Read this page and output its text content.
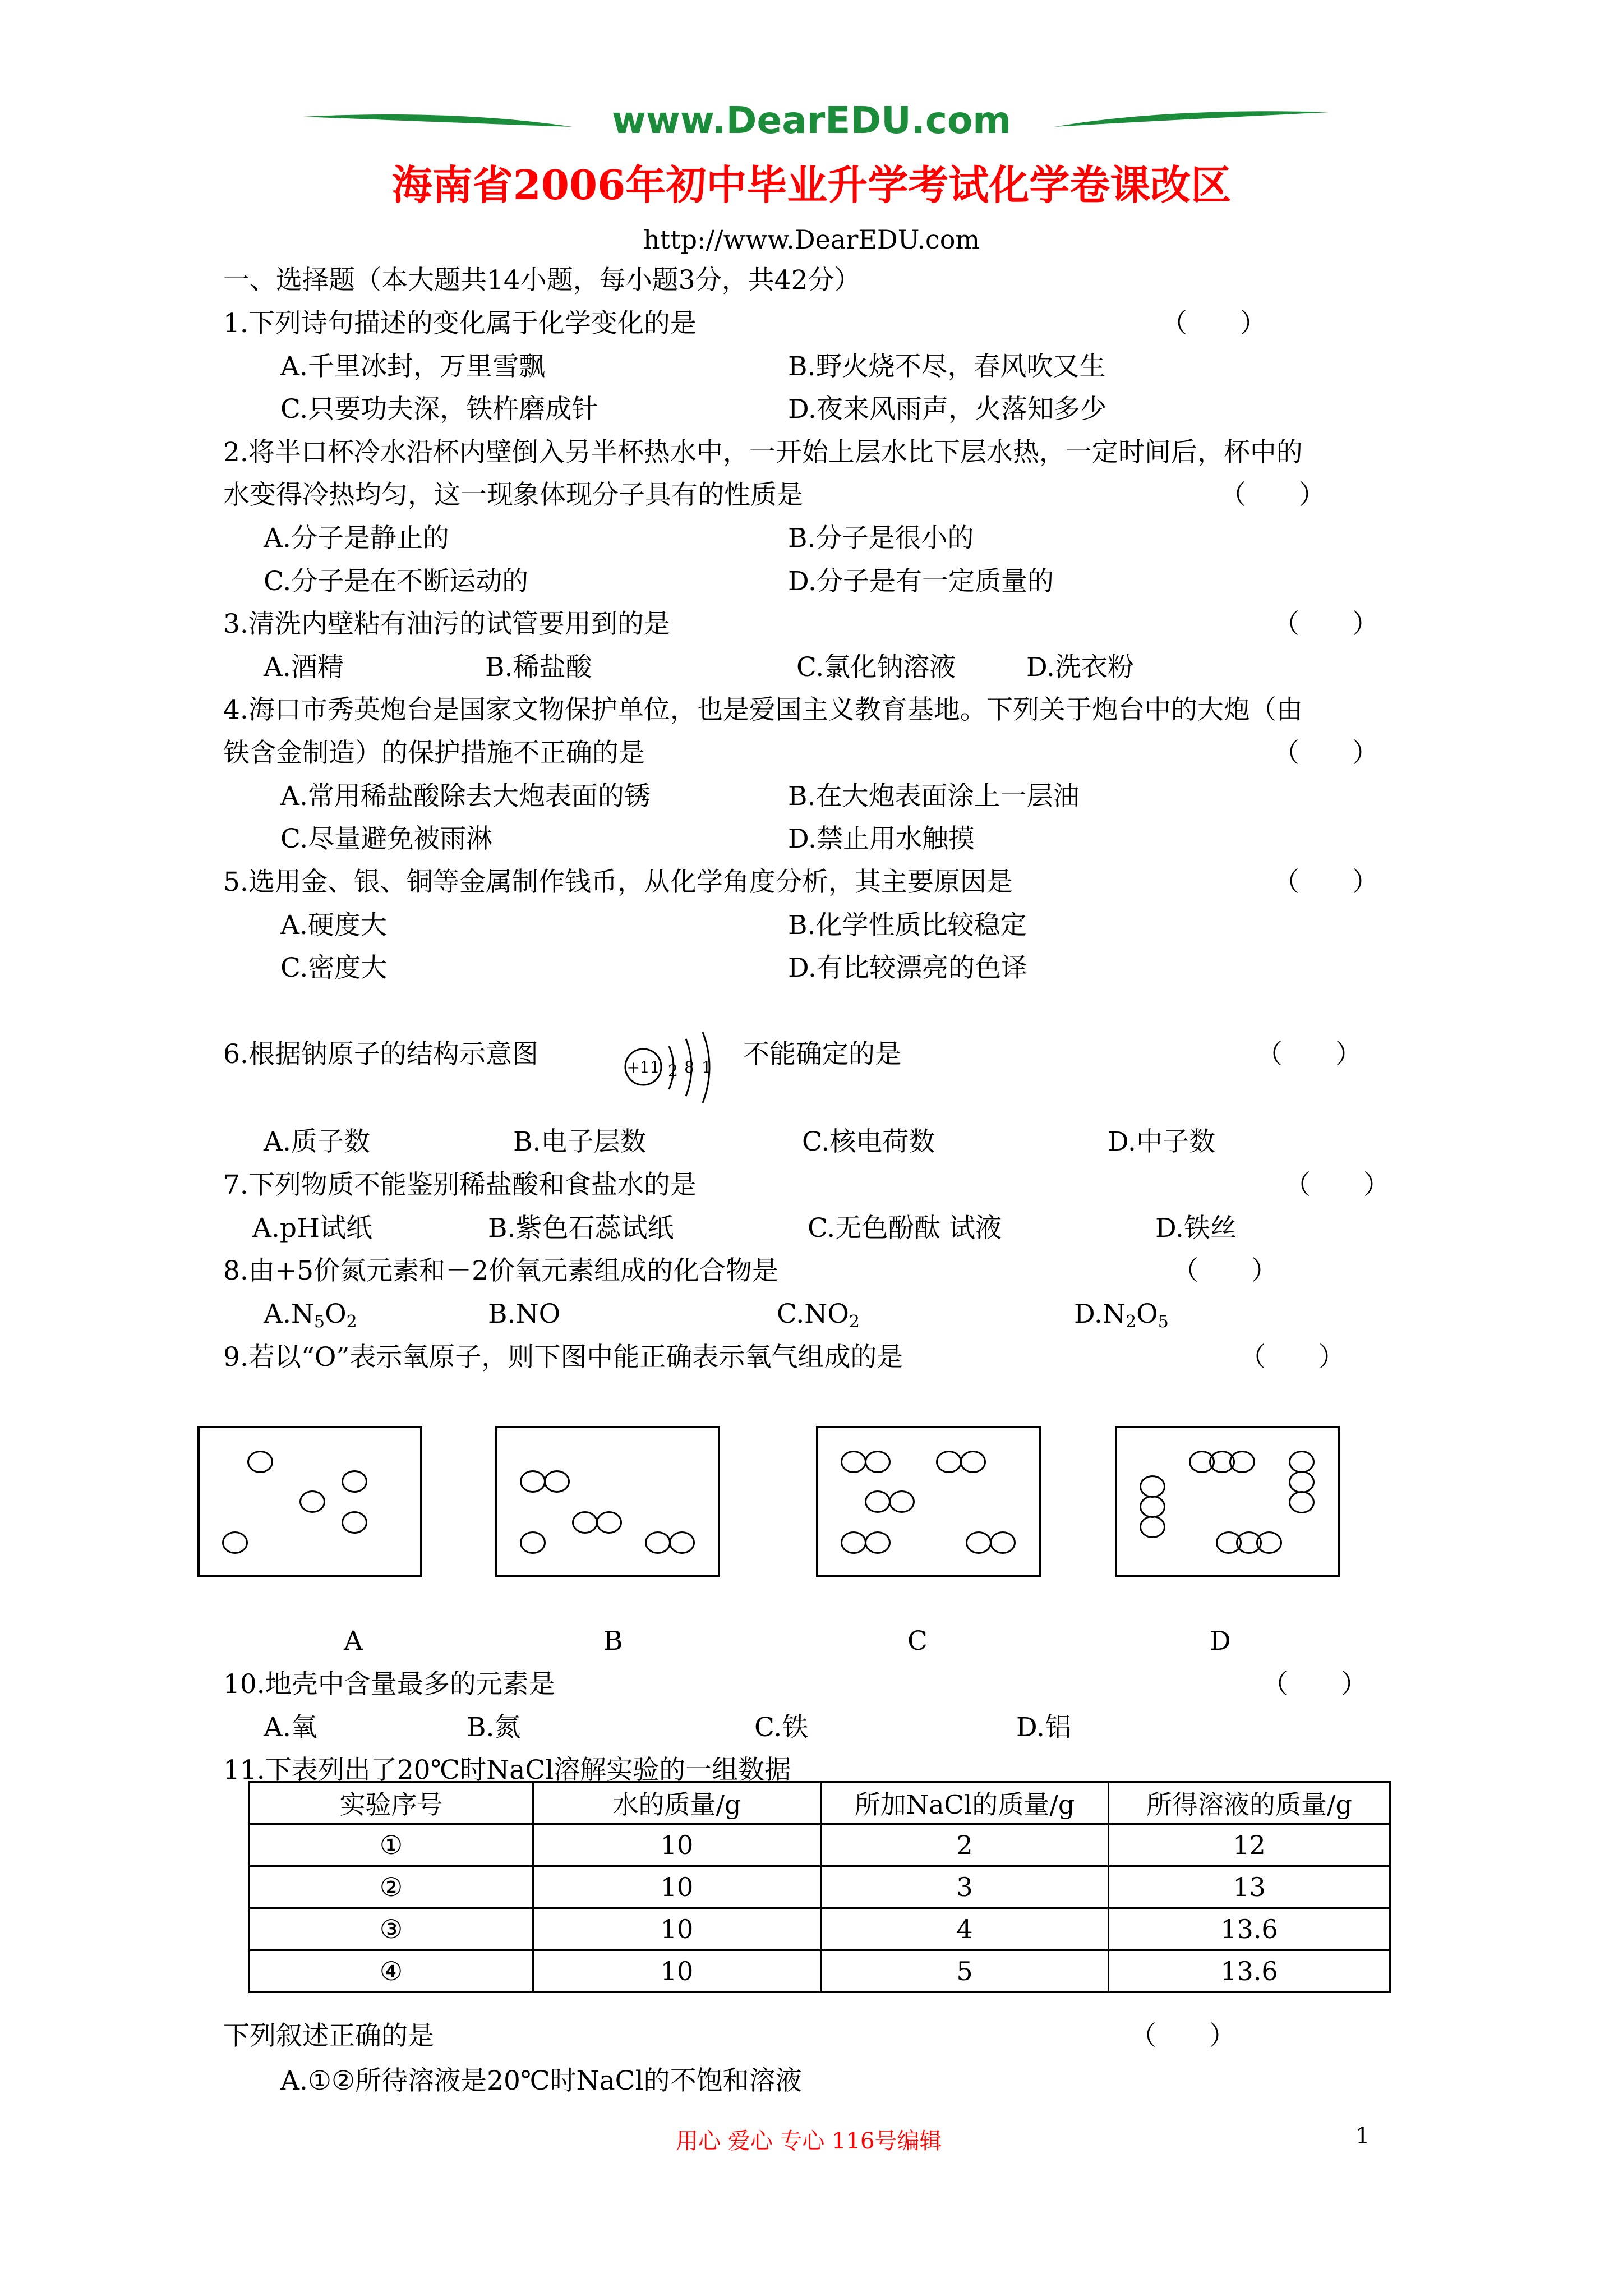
www.DearEDU.com
海南省2006年初中毕业升学考试化学卷课改区
http://www.DearEDU.com
一、选择题（本大题共14小题，每小题3分，共42分）
1.下列诗句描述的变化属于化学变化的是	（　　）
A.千里冰封，万里雪飘	B.野火烧不尽，春风吹又生
C.只要功夫深，铁杵磨成针	D.夜来风雨声，火落知多少
2.将半口杯冷水沿杯内壁倒入另半杯热水中，一开始上层水比下层水热，一定时间后，杯中的
水变得冷热均匀，这一现象体现分子具有的性质是	（　　）
A.分子是静止的	B.分子是很小的
C.分子是在不断运动的	D.分子是有一定质量的
3.清洗内壁粘有油污的试管要用到的是	（　　）
A.酒精	B.稀盐酸	C.氯化钠溶液	D.洗衣粉
4.海口市秀英炮台是国家文物保护单位，也是爱国主义教育基地。下列关于炮台中的大炮（由
铁含金制造）的保护措施不正确的是	（　　）
A.常用稀盐酸除去大炮表面的锈	B.在大炮表面涂上一层油
C.尽量避免被雨淋	D.禁止用水触摸
5.选用金、银、铜等金属制作钱币，从化学角度分析，其主要原因是	（　　）
A.硬度大	B.化学性质比较稳定
C.密度大	D.有比较漂亮的色译
6.根据钠原子的结构示意图	+11 2 8 1 不能确定的是	（　　）
A.质子数	B.电子层数	C.核电荷数	D.中子数
7.下列物质不能鉴别稀盐酸和食盐水的是	（　　）
A.pH试纸	B.紫色石蕊试纸	C.无色酚酞 试液	D.铁丝
8.由+5价氮元素和－2价氧元素组成的化合物是	（　　）
$A.N_5O_2$	B.NO	$C.NO_2$	$D.N_2O_5$
9.若以“O”表示氧原子，则下图中能正确表示氧气组成的是	（　　）
A	B	C	D
10.地壳中含量最多的元素是	（　　）
A.氧	B.氮	C.铁	D.铝
11.下表列出了20℃时NaCl溶解实验的一组数据
实验序号	水的质量/g	所加NaCl的质量/g	所得溶液的质量/g
①	10	2	12
②	10	3	13
③	10	4	13.6
④	10	5	13.6
下列叙述正确的是	（　　）
A.①②所待溶液是20℃时NaCl的不饱和溶液
用心 爱心 专心 116号编辑	1
